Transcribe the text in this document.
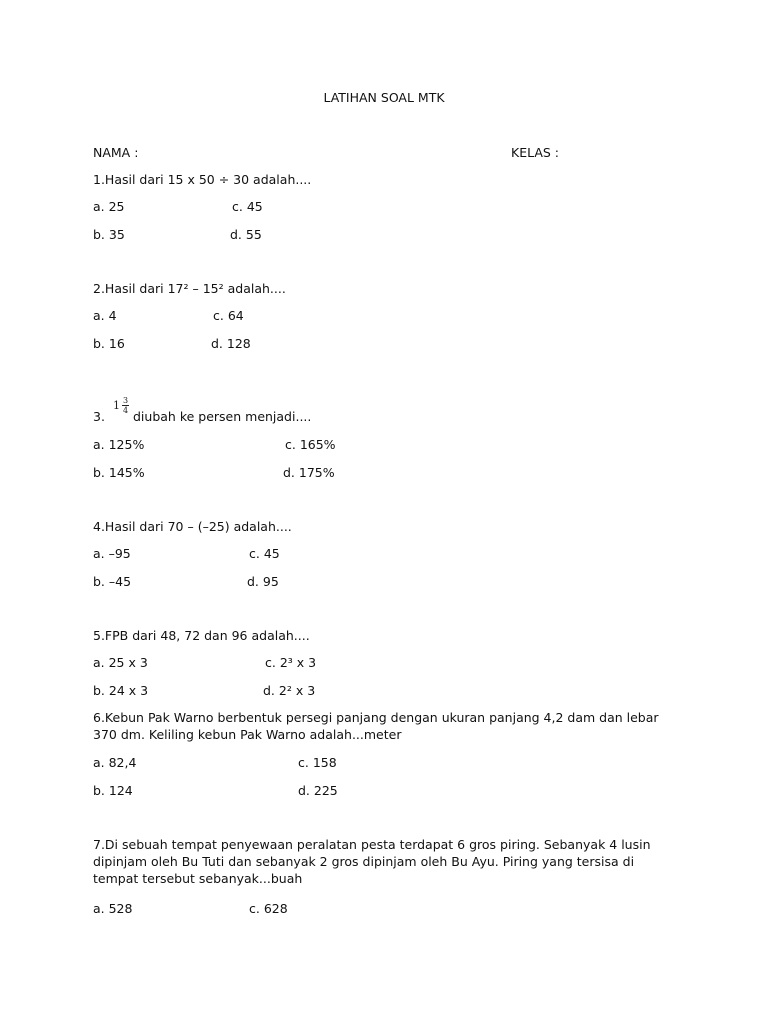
LATIHAN SOAL MTK
NAMA :	KELAS :
1.Hasil dari 15 x 50 ÷ 30 adalah....
a. 25	c. 45
b. 35	d. 55
2.Hasil dari 17² – 15² adalah....
a. 4	c. 64
b. 16	d. 128
3.
$1 \frac{3}{4}$
diubah ke persen menjadi....
a. 125%	c. 165%
b. 145%	d. 175%
4.Hasil dari 70 – (–25) adalah....
a. –95	c. 45
b. –45	d. 95
5.FPB dari 48, 72 dan 96 adalah....
a. 25 x 3	c. 2³ x 3
b. 24 x 3	d. 2² x 3
6.Kebun Pak Warno berbentuk persegi panjang dengan ukuran panjang 4,2 dam dan lebar 370 dm. Keliling kebun Pak Warno adalah...meter
a. 82,4	c. 158
b. 124	d. 225
7.Di sebuah tempat penyewaan peralatan pesta terdapat 6 gros piring. Sebanyak 4 lusin dipinjam oleh Bu Tuti dan sebanyak 2 gros dipinjam oleh Bu Ayu. Piring yang tersisa di tempat tersebut sebanyak...buah
a. 528	c. 628
